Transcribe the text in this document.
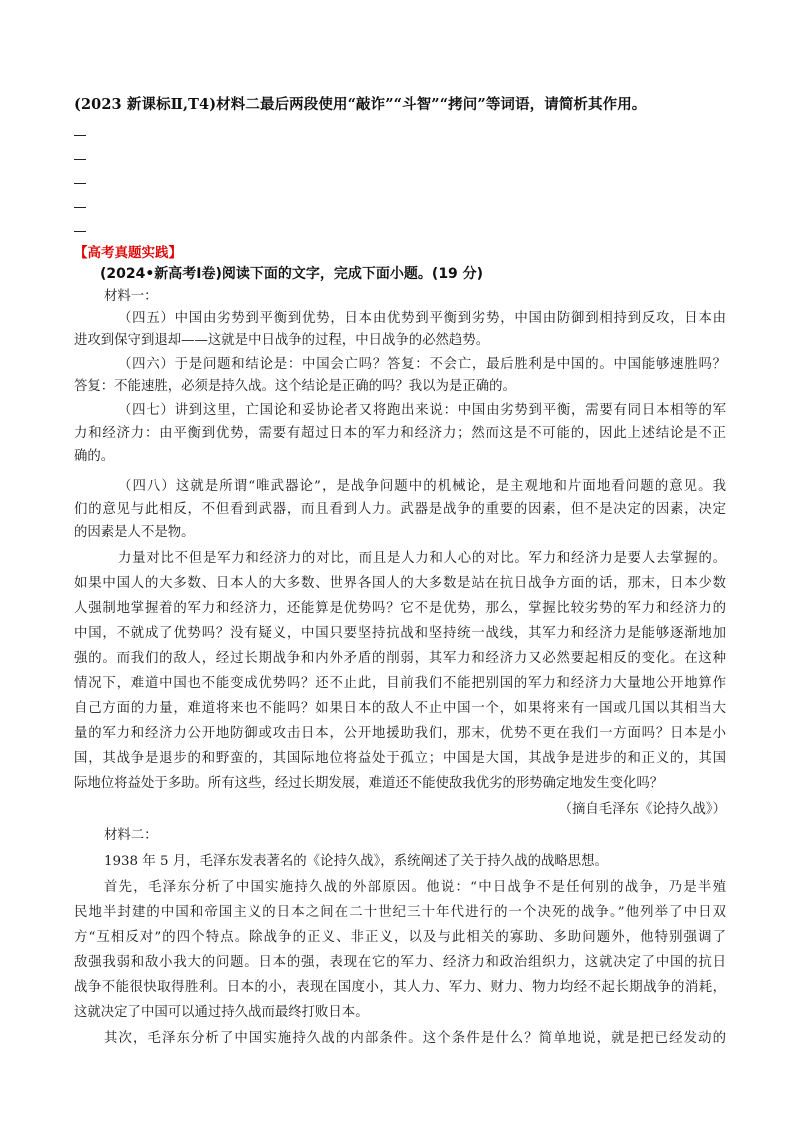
(2023 新课标Ⅱ,T4)材料二最后两段使用“敲诈”“斗智”“拷问”等词语，请简析其作用。
【高考真题实践】
(2024•新高考Ⅰ卷)阅读下面的文字，完成下面小题。(19 分)
材料一：
（四五）中国由劣势到平衡到优势，日本由优势到平衡到劣势，中国由防御到相持到反攻，日本由
进攻到保守到退却——这就是中日战争的过程，中日战争的必然趋势。
（四六）于是问题和结论是：中国会亡吗？答复：不会亡，最后胜利是中国的。中国能够速胜吗？
答复：不能速胜，必须是持久战。这个结论是正确的吗？我以为是正确的。
（四七）讲到这里，亡国论和妥协论者又将跑出来说：中国由劣势到平衡，需要有同日本相等的军
力和经济力：由平衡到优势，需要有超过日本的军力和经济力；然而这是不可能的，因此上述结论是不正
确的。
（四八）这就是所谓“唯武器论”，是战争问题中的机械论，是主观地和片面地看问题的意见。我
们的意见与此相反，不但看到武器，而且看到人力。武器是战争的重要的因素，但不是决定的因素，决定
的因素是人不是物。
力量对比不但是军力和经济力的对比，而且是人力和人心的对比。军力和经济力是要人去掌握的。
如果中国人的大多数、日本人的大多数、世界各国人的大多数是站在抗日战争方面的话，那末，日本少数
人强制地掌握着的军力和经济力，还能算是优势吗？它不是优势，那么，掌握比较劣势的军力和经济力的
中国，不就成了优势吗？没有疑义，中国只要坚持抗战和坚持统一战线，其军力和经济力是能够逐渐地加
强的。而我们的敌人，经过长期战争和内外矛盾的削弱，其军力和经济力又必然要起相反的变化。在这种
情况下，难道中国也不能变成优势吗？还不止此，目前我们不能把别国的军力和经济力大量地公开地算作
自己方面的力量，难道将来也不能吗？如果日本的敌人不止中国一个，如果将来有一国或几国以其相当大
量的军力和经济力公开地防御或攻击日本，公开地援助我们，那末，优势不更在我们一方面吗？日本是小
国，其战争是退步的和野蛮的，其国际地位将益处于孤立；中国是大国，其战争是进步的和正义的，其国
际地位将益处于多助。所有这些，经过长期发展，难道还不能使敌我优劣的形势确定地发生变化吗？
（摘自毛泽东《论持久战》）
材料二：
1938 年 5 月，毛泽东发表著名的《论持久战》，系统阐述了关于持久战的战略思想。
首先，毛泽东分析了中国实施持久战的外部原因。他说：“中日战争不是任何别的战争，乃是半殖
民地半封建的中国和帝国主义的日本之间在二十世纪三十年代进行的一个决死的战争。”他列举了中日双
方“互相反对”的四个特点。除战争的正义、非正义，以及与此相关的寡助、多助问题外，他特别强调了
敌强我弱和敌小我大的问题。日本的强，表现在它的军力、经济力和政治组织力，这就决定了中国的抗日
战争不能很快取得胜利。日本的小，表现在国度小，其人力、军力、财力、物力均经不起长期战争的消耗，
这就决定了中国可以通过持久战而最终打败日本。
其次，毛泽东分析了中国实施持久战的内部条件。这个条件是什么？简单地说，就是把已经发动的
